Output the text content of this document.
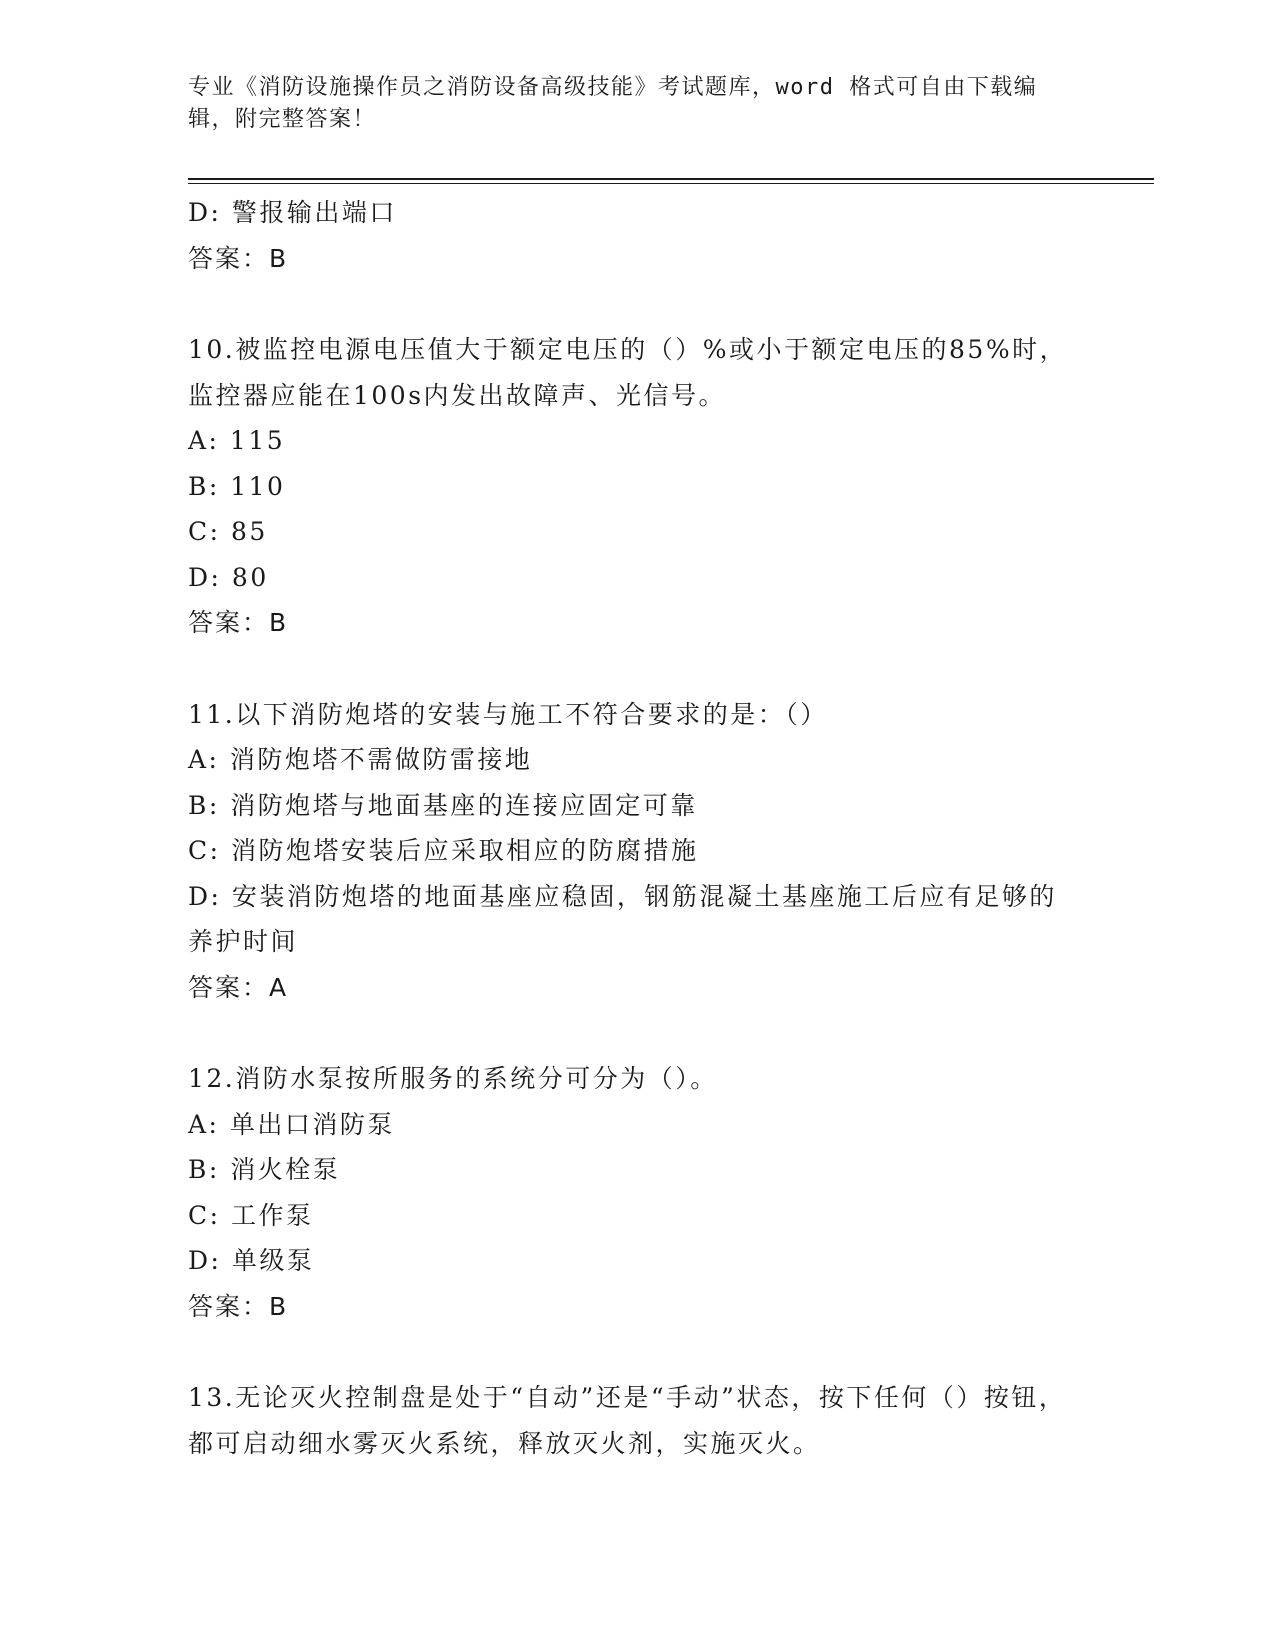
专业《消防设施操作员之消防设备高级技能》考试题库，word 格式可自由下载编辑，附完整答案！
D: 警报输出端口
答案：B
10.被监控电源电压值大于额定电压的（）%或小于额定电压的85%时，监控器应能在100s内发出故障声、光信号。
A: 115
B: 110
C: 85
D: 80
答案：B
11.以下消防炮塔的安装与施工不符合要求的是：（）
A: 消防炮塔不需做防雷接地
B: 消防炮塔与地面基座的连接应固定可靠
C: 消防炮塔安装后应采取相应的防腐措施
D: 安装消防炮塔的地面基座应稳固，钢筋混凝土基座施工后应有足够的养护时间
答案：A
12.消防水泵按所服务的系统分可分为（）。
A: 单出口消防泵
B: 消火栓泵
C: 工作泵
D: 单级泵
答案：B
13.无论灭火控制盘是处于“自动”还是“手动”状态，按下任何（）按钮，都可启动细水雾灭火系统，释放灭火剂，实施灭火。
